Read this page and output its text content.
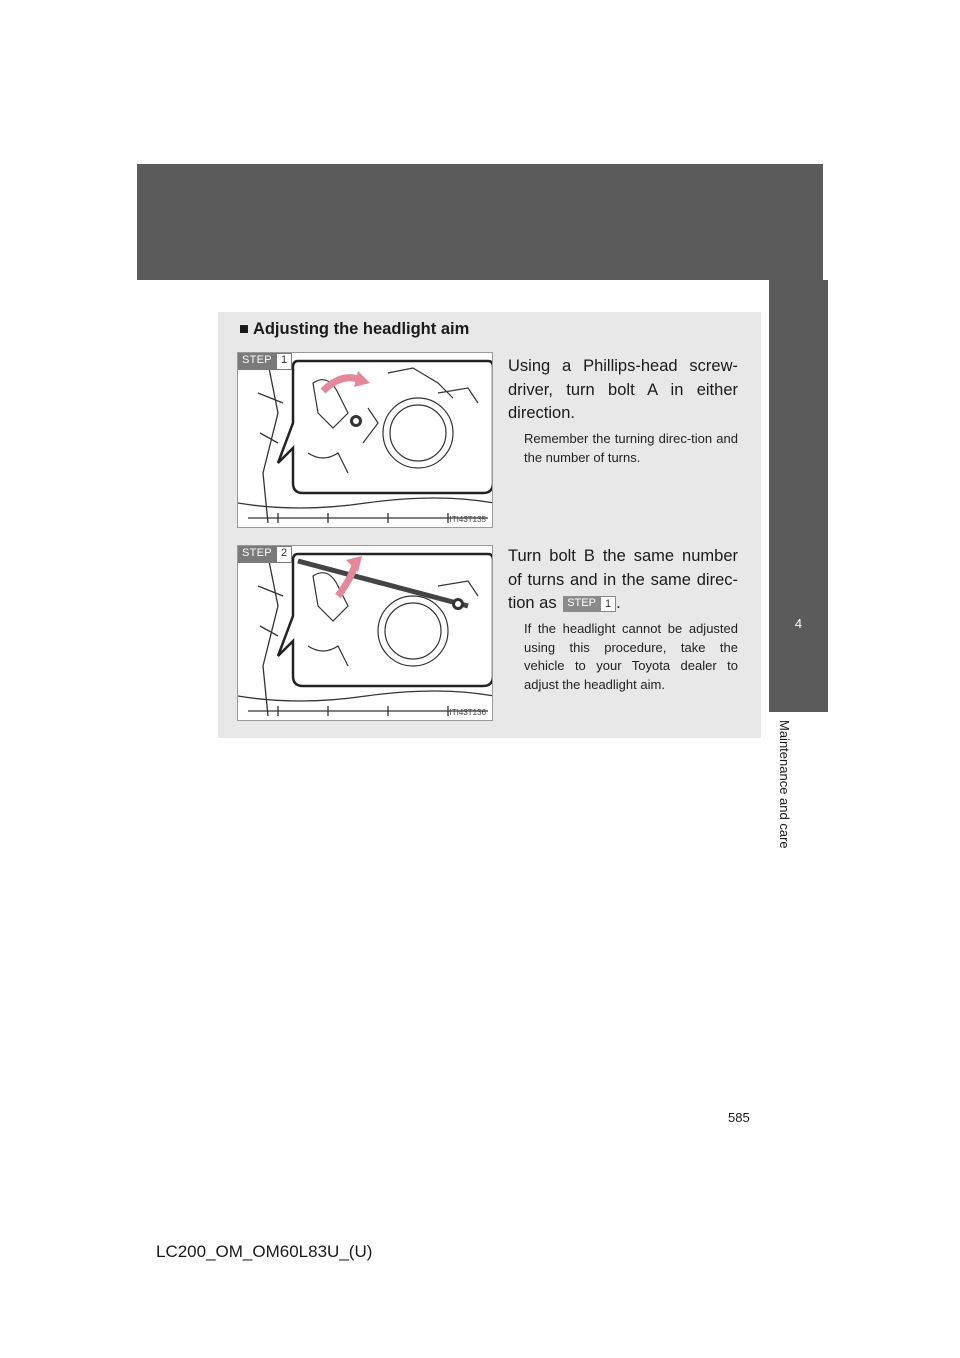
4-3. Do-it-yourself maintenance
4
Maintenance and care
■ Adjusting the headlight aim
STEP 1
ITI43T135
Using a Phillips-head screw-driver, turn bolt A in either direction.
Remember the turning direc-tion and the number of turns.
STEP 2
ITI43T136
Turn bolt B the same number of turns and in the same direc-tion as STEP 1 .
If the headlight cannot be adjusted using this procedure, take the vehicle to your Toyota dealer to adjust the headlight aim.
585
LC200_OM_OM60L83U_(U)
